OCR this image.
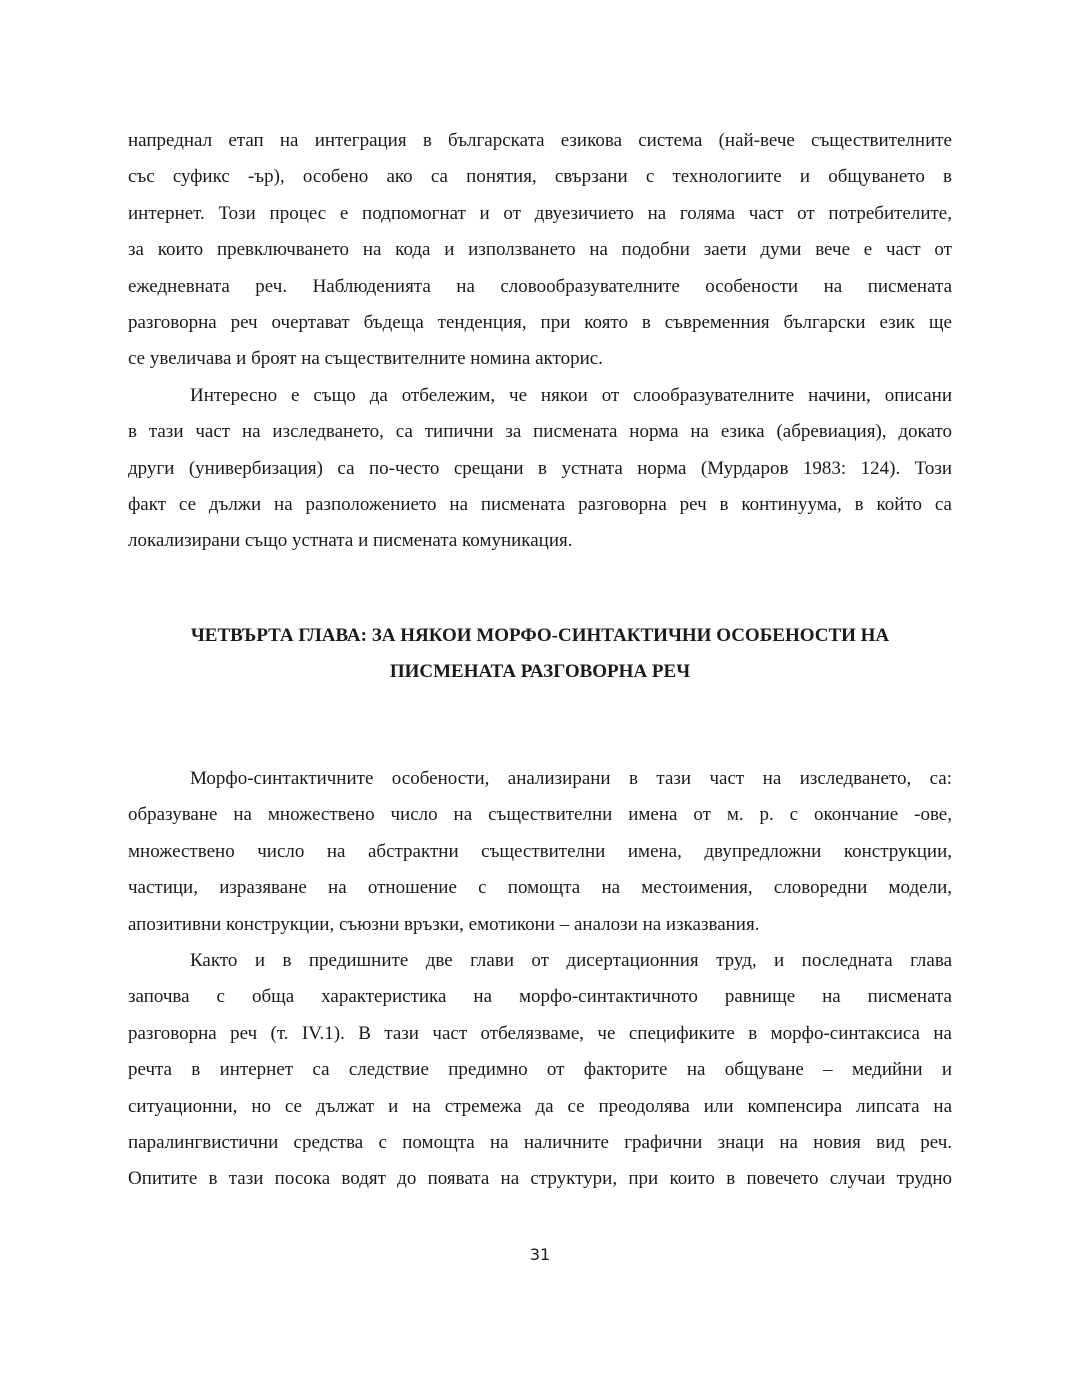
напреднал етап на интеграция в българската езикова система (най-вече съществителните
със суфикс -ър), особено ако са понятия, свързани с технологиите и общуването в
интернет. Този процес е подпомогнат и от двуезичието на голяма част от потребителите,
за които превключването на кода и използването на подобни заети думи вече е част от
ежедневната реч. Наблюденията на словообразувателните особености на писмената
разговорна реч очертават бъдеща тенденция, при която в съвременния български език ще
се увеличава и броят на съществителните номина акторис.
Интересно е също да отбележим, че някои от слообразувателните начини, описани
в тази част на изследването, са типични за писмената норма на езика (абревиация), докато
други (универбизация) са по-често срещани в устната норма (Мурдаров 1983: 124). Този
факт се дължи на разположението на писмената разговорна реч в континуума, в който са
локализирани също устната и писмената комуникация.
ЧЕТВЪРТА ГЛАВА: ЗА НЯКОИ МОРФО-СИНТАКТИЧНИ ОСОБЕНОСТИ НА
ПИСМЕНАТА РАЗГОВОРНА РЕЧ
Морфо-синтактичните особености, анализирани в тази част на изследването, са:
образуване на множествено число на съществителни имена от м. р. с окончание -ове,
множествено число на абстрактни съществителни имена, двупредложни конструкции,
частици, изразяване на отношение с помощта на местоимения, словоредни модели,
апозитивни конструкции, съюзни връзки, емотикони – аналози на изказвания.
Както и в предишните две глави от дисертационния труд, и последната глава
започва с обща характеристика на морфо-синтактичното равнище на писмената
разговорна реч (т. IV.1). В тази част отбелязваме, че спецификите в морфо-синтаксиса на
речта в интернет са следствие предимно от факторите на общуване – медийни и
ситуационни, но се дължат и на стремежа да се преодолява или компенсира липсата на
паралингвистични средства с помощта на наличните графични знаци на новия вид реч.
Опитите в тази посока водят до появата на структури, при които в повечето случаи трудно
31
